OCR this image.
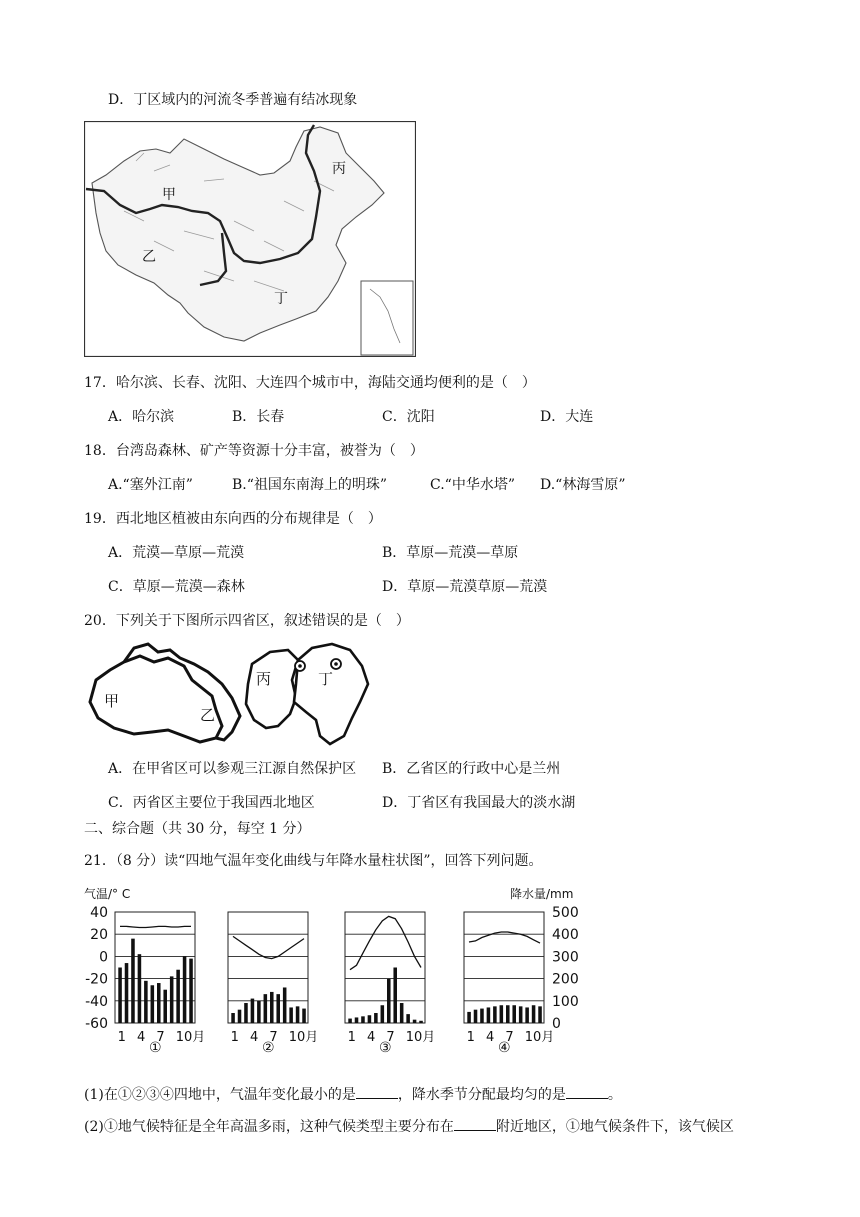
D．丁区域内的河流冬季普遍有结冰现象
甲
乙
丙
丁
17．哈尔滨、长春、沈阳、大连四个城市中，海陆交通均便利的是（　）
A．哈尔滨	B．长春	C．沈阳	D．大连
18．台湾岛森林、矿产等资源十分丰富，被誉为（　）
A.“塞外江南”	B.“祖国东南海上的明珠”	C.“中华水塔” D.“林海雪原”
19．西北地区植被由东向西的分布规律是（　）
A．荒漠—草原—荒漠	B．草原—荒漠—草原
C．草原—荒漠—森林	D．草原—荒漠草原—荒漠
20．下列关于下图所示四省区，叙述错误的是（　）
甲
乙
丙	丁
A．在甲省区可以参观三江源自然保护区 B．乙省区的行政中心是兰州
C．丙省区主要位于我国西北地区	D．丁省区有我国最大的淡水湖
二、综合题（共 30 分，每空 1 分）
21．（8 分）读“四地气温年变化曲线与年降水量柱状图”，回答下列问题。
气温/° C	降水量/mm
40
20
0
-20
-40
-60
500
400
300
200
100
0
1 4 7 10月
①
1 4 7 10月
②
1 4 7 10月
③
1 4 7 10月
④
(1)在①②③④四地中，气温年变化最小的是	，降水季节分配最均匀的是	。
(2)①地气候特征是全年高温多雨，这种气候类型主要分布在	附近地区，①地气候条件下，该气候区
